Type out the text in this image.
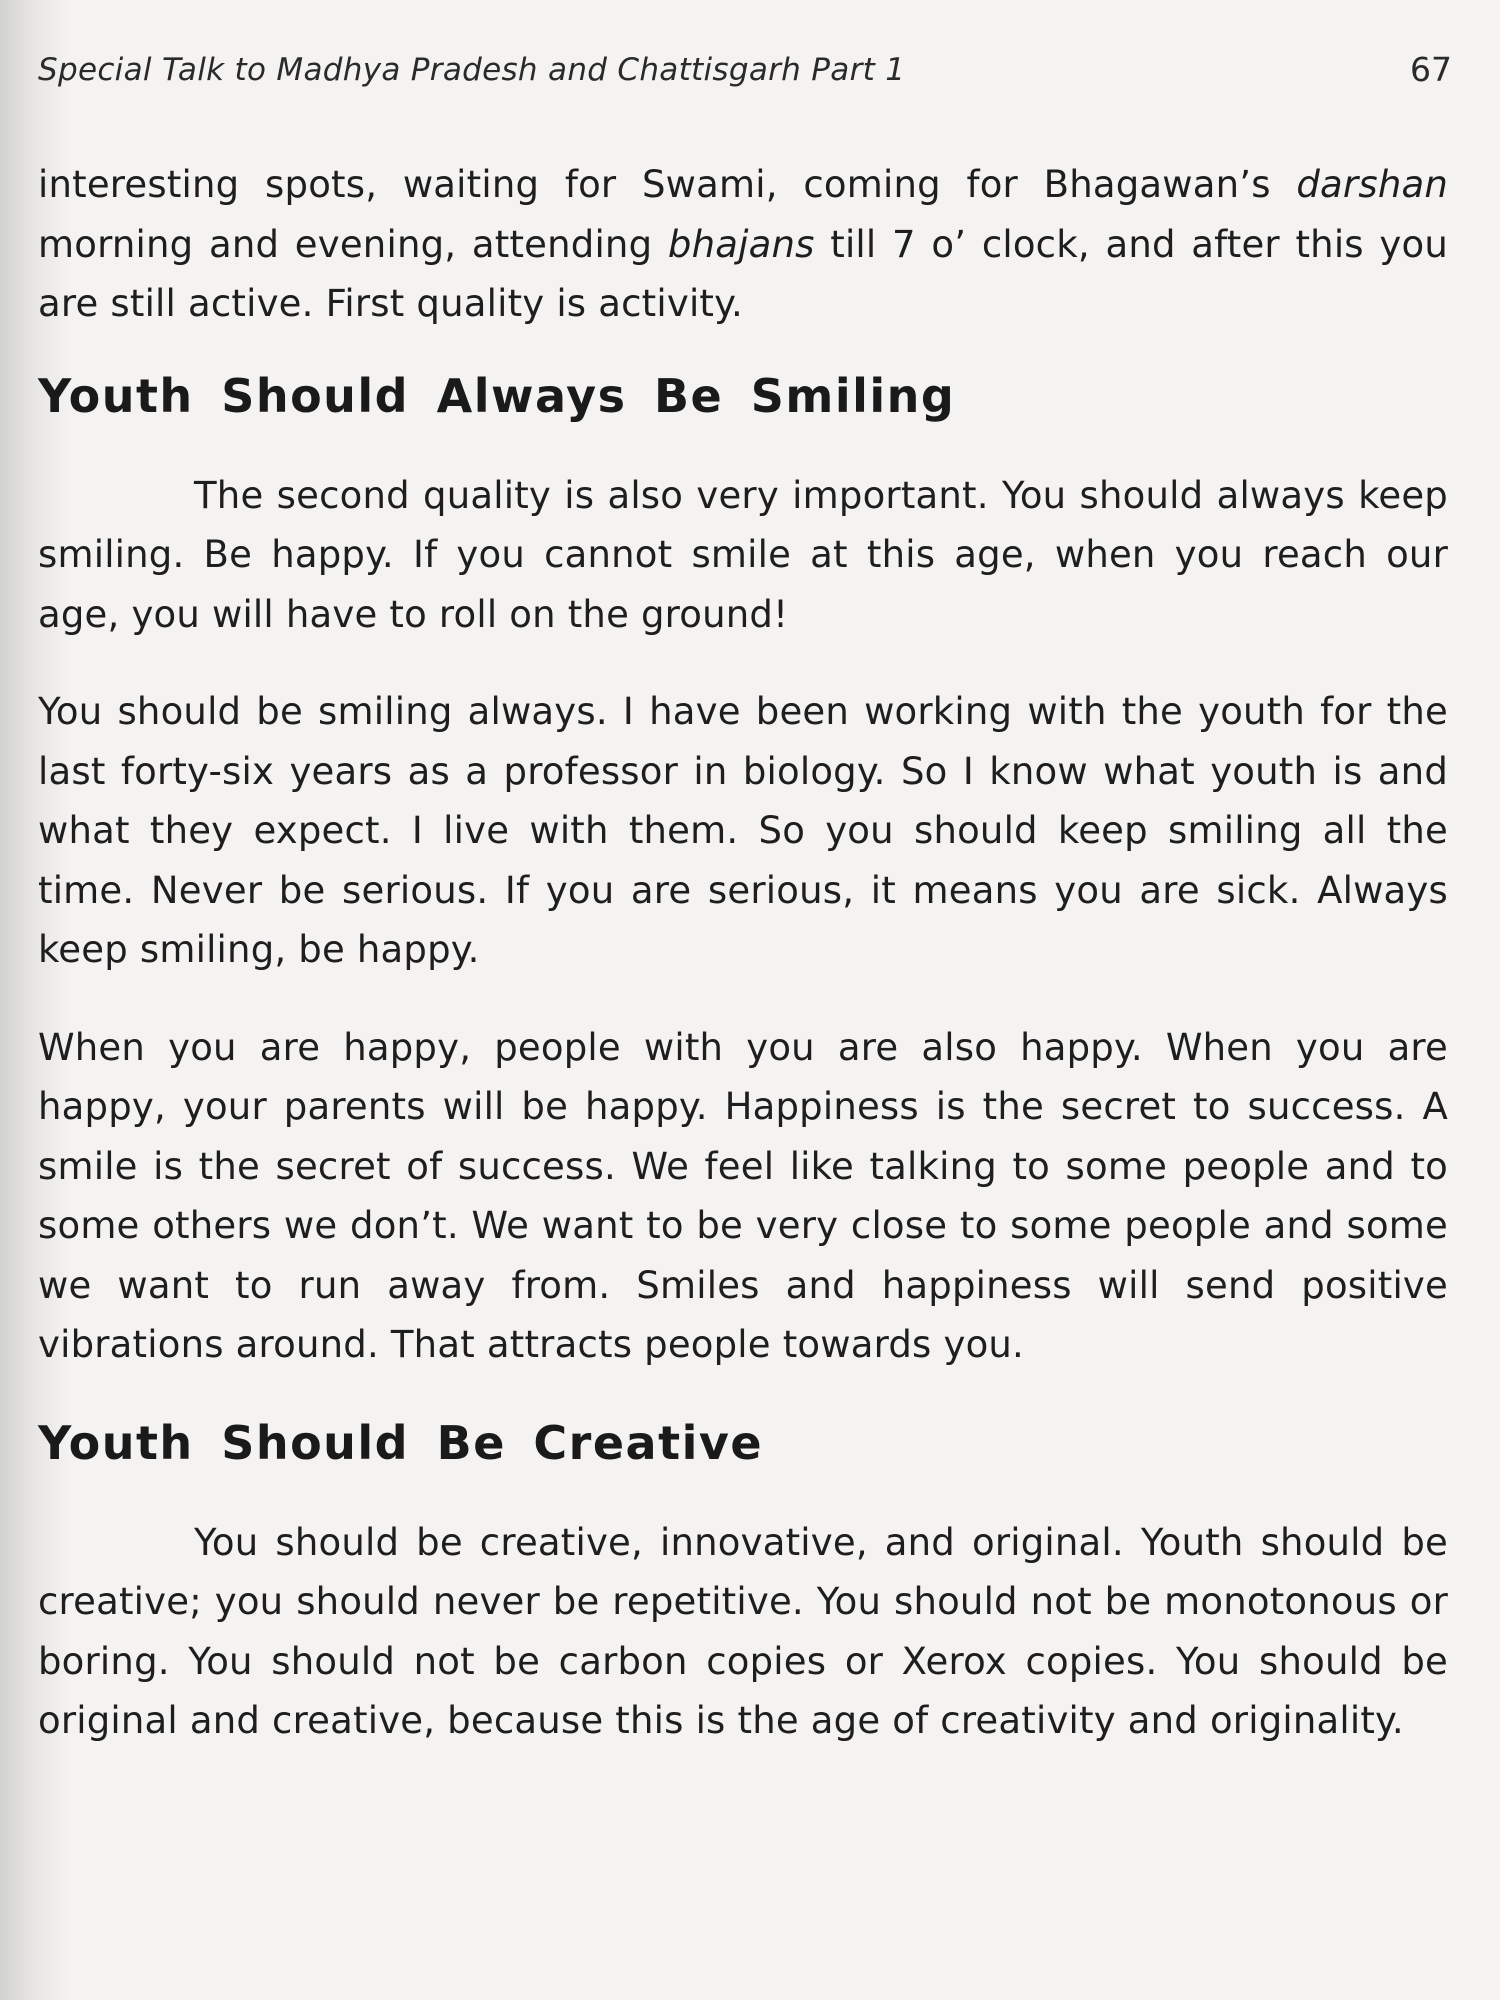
Special Talk to Madhya Pradesh and Chattisgarh Part 1	67

interesting spots, waiting for Swami, coming for Bhagawan’s darshan morning and evening, attending bhajans till 7 o’ clock, and after this you are still active. First quality is activity.

Youth Should Always Be Smiling

The second quality is also very important. You should always keep smiling. Be happy. If you cannot smile at this age, when you reach our age, you will have to roll on the ground!

You should be smiling always. I have been working with the youth for the last forty-six years as a professor in biology. So I know what youth is and what they expect. I live with them. So you should keep smiling all the time. Never be serious. If you are serious, it means you are sick. Always keep smiling, be happy.

When you are happy, people with you are also happy. When you are happy, your parents will be happy. Happiness is the secret to success. A smile is the secret of success. We feel like talking to some people and to some others we don’t. We want to be very close to some people and some we want to run away from. Smiles and happiness will send positive vibrations around. That attracts people towards you.

Youth Should Be Creative

You should be creative, innovative, and original. Youth should be creative; you should never be repetitive. You should not be monotonous or boring. You should not be carbon copies or Xerox copies. You should be original and creative, because this is the age of creativity and originality.
